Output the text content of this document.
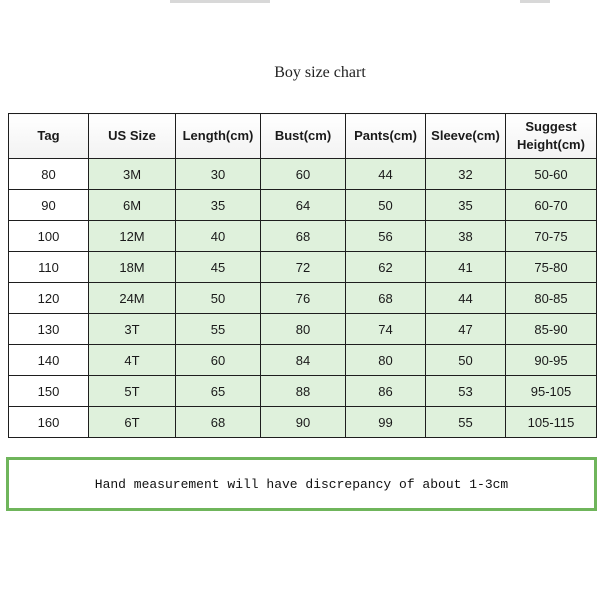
Boy size chart
Tag	US Size	Length(cm)	Bust(cm)	Pants(cm)	Sleeve(cm)	Suggest Height(cm)
80	3M	30	60	44	32	50-60
90	6M	35	64	50	35	60-70
100	12M	40	68	56	38	70-75
110	18M	45	72	62	41	75-80
120	24M	50	76	68	44	80-85
130	3T	55	80	74	47	85-90
140	4T	60	84	80	50	90-95
150	5T	65	88	86	53	95-105
160	6T	68	90	99	55	105-115
Hand measurement will have discrepancy of about 1-3cm
